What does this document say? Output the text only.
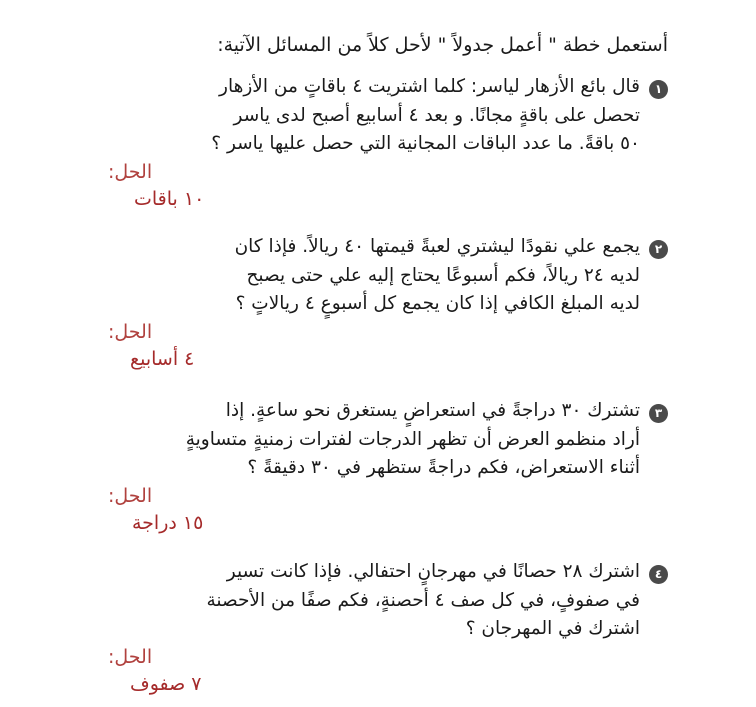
أستعمل خطة " أعمل جدولاً " لأحل كلاً من المسائل الآتية:

١
قال بائع الأزهار لياسر: كلما اشتريت ٤ باقاتٍ من الأزهار
تحصل على باقةٍ مجانًا. و بعد ٤ أسابيع أصبح لدى ياسر
٥٠ باقةً. ما عدد الباقات المجانية التي حصل عليها ياسر ؟
الحل:
١٠ باقات
٢
يجمع علي نقودًا ليشتري لعبةً قيمتها ٤٠ ريالاً. فإذا كان
لديه ٢٤ ريالاً، فكم أسبوعًا يحتاج إليه علي حتى يصبح
لديه المبلغ الكافي إذا كان يجمع كل أسبوعٍ ٤ ريالاتٍ ؟
الحل:
٤ أسابيع
٣
تشترك ٣٠ دراجةً في استعراضٍ يستغرق نحو ساعةٍ. إذا
أراد منظمو العرض أن تظهر الدرجات لفترات زمنيةٍ متساويةٍ
أثناء الاستعراض، فكم دراجةً ستظهر في ٣٠ دقيقةً ؟
الحل:
١٥ دراجة
٤
اشترك ٢٨ حصانًا في مهرجانٍ احتفالي. فإذا كانت تسير
في صفوفٍ، في كل صف ٤ أحصنةٍ، فكم صفًا من الأحصنة
اشترك في المهرجان ؟
الحل:
٧ صفوف
